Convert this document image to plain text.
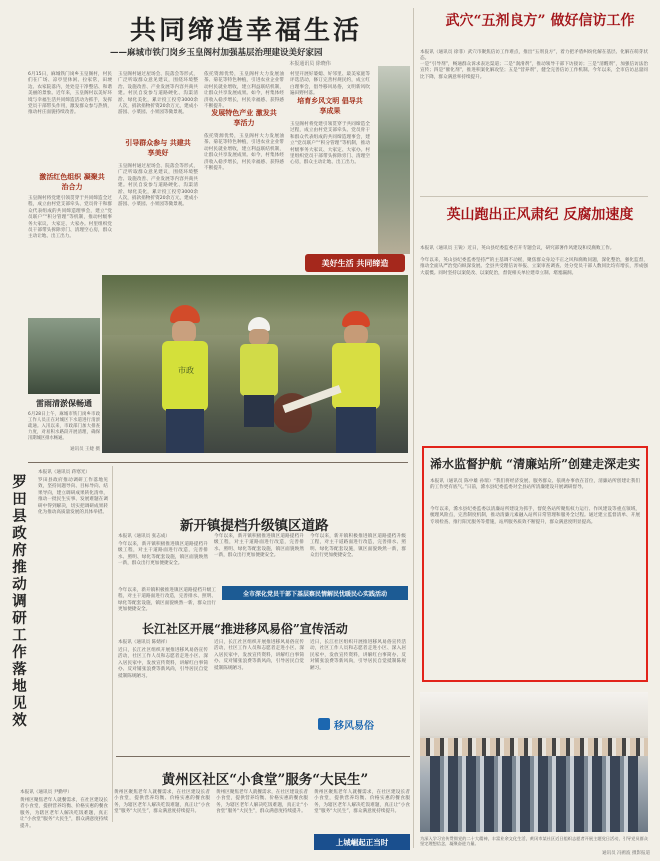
共同缔造幸福生活
——麻城市铁门岗乡玉皇阁村加强基层治理建设美好家园
本报通讯员 徐晓伟
6月15日，麻城铁门岗乡玉皇阁村，村民们在广场、凉亭里休闲、拉家常，田埂边、农家院落内，处处是干净整洁、和谐美丽的景象。近年来，玉皇阁村以美好环境与幸福生活共同缔造活动为抓手，发挥党员干部带头作用，激发群众参与热情，推动村庄面貌持续改善。
激活红色组织 凝聚共治合力
玉皇阁村将党建引领贯穿于共同缔造全过程，成立由村党支部牵头、党员骨干和群众代表组成的共同缔造理事会，建立“党员联户”“积分管理”等机制，推动村级事务大家议、大家定、大家办。村里组织党员干部带头拆除旁门、清理空心房，群众主动让地、出工出力。
玉皇阁村通过屋场会、院落会等形式，广泛听取群众意见建议，围绕环境整治、设施改善、产业发展等内容共商共建。村民自发参与道路硬化、沟渠清淤、绿化美化，累计投工投劳3000余人次，捐款捐物折资20余万元，建成小游园、小菜园、小果园等微景观。
引导群众参与 共建共享美好
玉皇阁村通过屋场会、院落会等形式，广泛听取群众意见建议，围绕环境整治、设施改善、产业发展等内容共商共建。村民自发参与道路硬化、沟渠清淤、绿化美化，累计投工投劳3000余人次，捐款捐物折资20余万元，建成小游园、小菜园、小果园等微景观。
依托资源优势，玉皇阁村大力发展油茶、菊花等特色种植，引进农业企业带动村民就业增收，建立利益联结机制，让群众共享发展成果。如今，村集体经济收入稳步增长，村民幸福感、获得感不断提升。
发展特色产业 激发共享活力
依托资源优势，玉皇阁村大力发展油茶、菊花等特色种植，引进农业企业带动村民就业增收，建立利益联结机制，让群众共享发展成果。如今，村集体经济收入稳步增长，村民幸福感、获得感不断提升。
村里开展好婆媳、好邻里、最美家庭等评选活动，修订完善村规民约，成立红白理事会，倡导移风易俗，文明新风吹遍田野村落。
培育乡风文明 倡导共享成果
玉皇阁村将党建引领贯穿于共同缔造全过程，成立由村党支部牵头、党员骨干和群众代表组成的共同缔造理事会，建立“党员联户”“积分管理”等机制，推动村级事务大家议、大家定、大家办。村里组织党员干部带头拆除旁门、清理空心房，群众主动让地、出工出力。
美好生活 共同缔造
市政
雷雨清淤保畅通
6月28日上午，麻城市铁门岗乡市政工作人员正在对城区下水道进行清淤疏通。入汛以来，市政部门加大排查力度，对易积水路段开展清理，确保汛期城区排水畅通。
通讯员 王婕 摄
武穴“五剂良方” 做好信访工作
本报讯（通讯员 徐菲）武穴市聚焦信访工作难点，推出“五剂良方”，着力把矛盾纠纷化解在基层、化解在萌芽状态。
一是“引导剂”，畅通群众诉求表达渠道；二是“润滑剂”，推动领导干部下访接访；三是“清醒剂”，加强信访法治宣传；四是“催化剂”，推进积案化解攻坚；五是“营养剂”，健全完善信访工作机制。今年以来，全市信访总量同比下降，群众满意率持续提升。
英山跑出正风肃纪 反腐加速度
本报讯（通讯员 王锐）近日，英山县纪委监委召开专题会议，研究部署作风建设和反腐败工作。
今年以来，英山县纪委监委坚持严的主基调不动摇，聚焦群众身边不正之风和腐败问题，深化整治，强化监督，推动全面从严治党向纵深发展。全县共受理信访举报、立案审查调查、处分党员干部人数同比均有增长，形成强大震慑。同时坚持以案促改、以案促治，督促相关单位建章立制、堵塞漏洞。
浠水监督护航 “清廉站所”创建走深走实
本报讯（通讯员 陈中雄 孙瑞）“我们将经济发展、服务群众、依规办事放在首位，清廉站所创建让我们的工作更有底气。”日前，浠水县纪委监委对全县站所清廉建设开展调研督导。
今年以来，浠水县纪委监委以清廉站所建设为抓手，督促各站所聚焦权力运行、作风建设等重点领域，梳理风险点，完善制度机制，推动清廉元素融入站所日常管理和服务全过程。通过建立监督清单、开展专项检查、推行阳光服务等措施，站所服务质效不断提升，群众满意度明显提高。
为深入学习宣传贯彻党的二十大精神，丰富业余文化生活，黄冈市某社区近日组织志愿者开展主题党日活动，引导党员群众坚定理想信念，凝聚奋进力量。
通讯员 冯鸥波 摄影报道
罗田县政府推动调研工作落地见效
本报讯（通讯员 蒋寒光）
罗田县政府推动调研工作落地见效，坚持问题导向、目标导向、结果导向，建立调研成果转化清单，推动一批民生实事、发展难题在调研中得到解决，切实把调研成果转化为推动高质量发展的具体举措。
新开镇提档升级镇区道路
本报讯（通讯员 张志成）
今年以来，新开镇积极推进镇区道路提档升级工程，对主干道路面进行改造，完善排水、照明、绿化等配套设施，镇区面貌焕然一新，群众出行更加便捷安全。
今年以来，新开镇积极推进镇区道路提档升级工程，对主干道路面进行改造，完善排水、照明、绿化等配套设施，镇区面貌焕然一新，群众出行更加便捷安全。
今年以来，新开镇积极推进镇区道路提档升级工程，对主干道路面进行改造，完善排水、照明、绿化等配套设施，镇区面貌焕然一新，群众出行更加便捷安全。
全市深化党员干部下基层察民情解民忧暖民心实践活动
今年以来，新开镇积极推进镇区道路提档升级工程，对主干道路面进行改造，完善排水、照明、绿化等配套设施，镇区面貌焕然一新，群众出行更加便捷安全。
长江社区开展“推进移风易俗”宣传活动
本报讯（通讯员 陈婧祥）
近日，长江社区组织开展推进移风易俗宣传活动，社区工作人员和志愿者走进小区、深入居民家中，发放宣传资料，讲解红白事简办、反对铺张浪费等新风尚，引导居民自觉抵制陈规陋习。
近日，长江社区组织开展推进移风易俗宣传活动，社区工作人员和志愿者走进小区、深入居民家中，发放宣传资料，讲解红白事简办、反对铺张浪费等新风尚，引导居民自觉抵制陈规陋习。
近日，长江社区组织开展推进移风易俗宣传活动，社区工作人员和志愿者走进小区、深入居民家中，发放宣传资料，讲解红白事简办、反对铺张浪费等新风尚，引导居民自觉抵制陈规陋习。
移风易俗
黄州区社区“小食堂”服务“大民生”
本报讯（通讯员 尹勤甲）
黄州区聚焦老年人就餐需求，在社区建设长者小食堂，提供营养均衡、价格实惠的餐食服务，为辖区老年人解决吃饭难题，真正让“小食堂”服务“大民生”，群众满意度持续提升。
黄州区聚焦老年人就餐需求，在社区建设长者小食堂，提供营养均衡、价格实惠的餐食服务，为辖区老年人解决吃饭难题，真正让“小食堂”服务“大民生”，群众满意度持续提升。
黄州区聚焦老年人就餐需求，在社区建设长者小食堂，提供营养均衡、价格实惠的餐食服务，为辖区老年人解决吃饭难题，真正让“小食堂”服务“大民生”，群众满意度持续提升。
黄州区聚焦老年人就餐需求，在社区建设长者小食堂，提供营养均衡、价格实惠的餐食服务，为辖区老年人解决吃饭难题，真正让“小食堂”服务“大民生”，群众满意度持续提升。
上城崛起正当时
